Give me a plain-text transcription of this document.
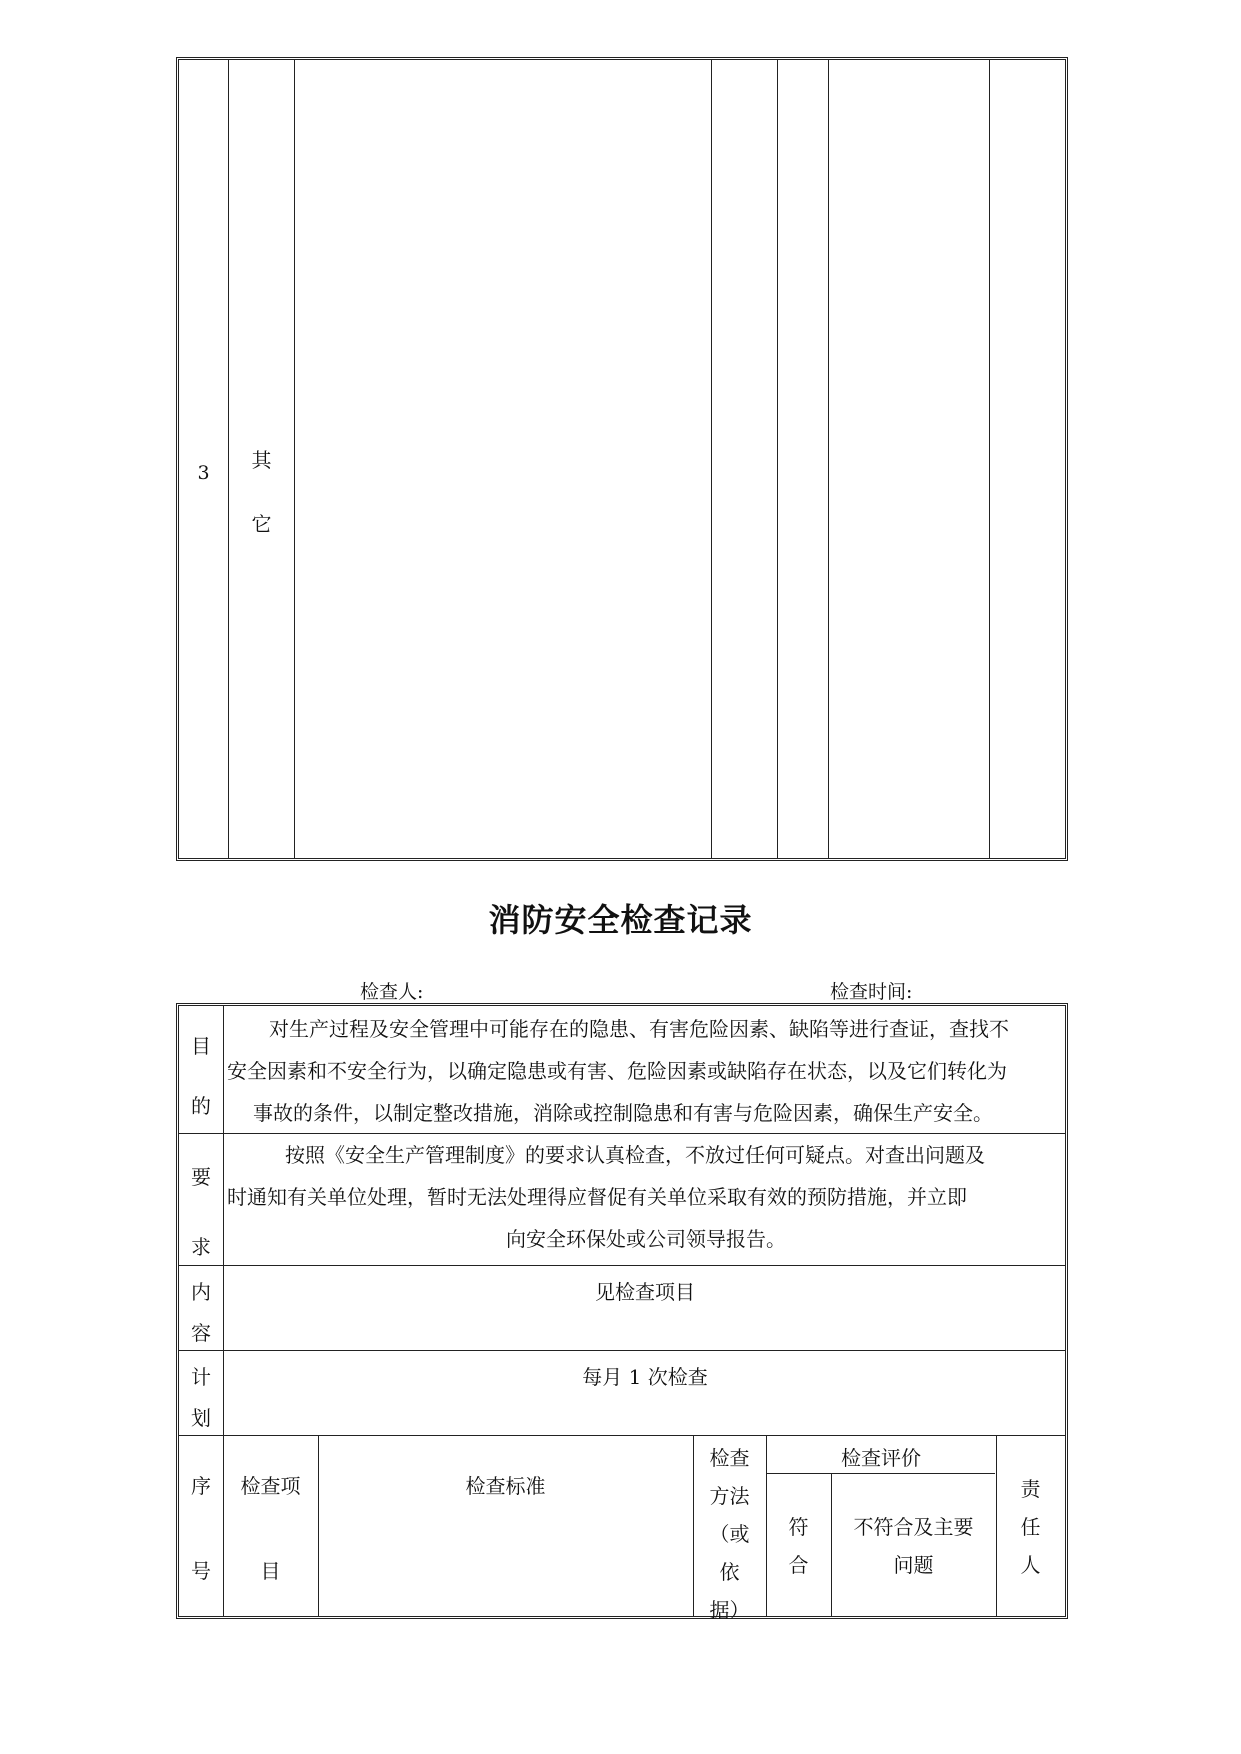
3
其
它
消防安全检查记录
检查人:	检查时间:
目
的
对生产过程及安全管理中可能存在的隐患、有害危险因素、缺陷等进行查证，查找不
安全因素和不安全行为，以确定隐患或有害、危险因素或缺陷存在状态，以及它们转化为
事故的条件，以制定整改措施，消除或控制隐患和有害与危险因素，确保生产安全。
要
求
按照《安全生产管理制度》的要求认真检查，不放过任何可疑点。对查出问题及
时通知有关单位处理，暂时无法处理得应督促有关单位采取有效的预防措施，并立即
向安全环保处或公司领导报告。
内
容
见检查项目
计
划
每月 1 次检查
序
号
检查项
目
检查标准
检查
方法
（或
依
据）
检查评价
符
合
不符合及主要
问题
责
任
人
